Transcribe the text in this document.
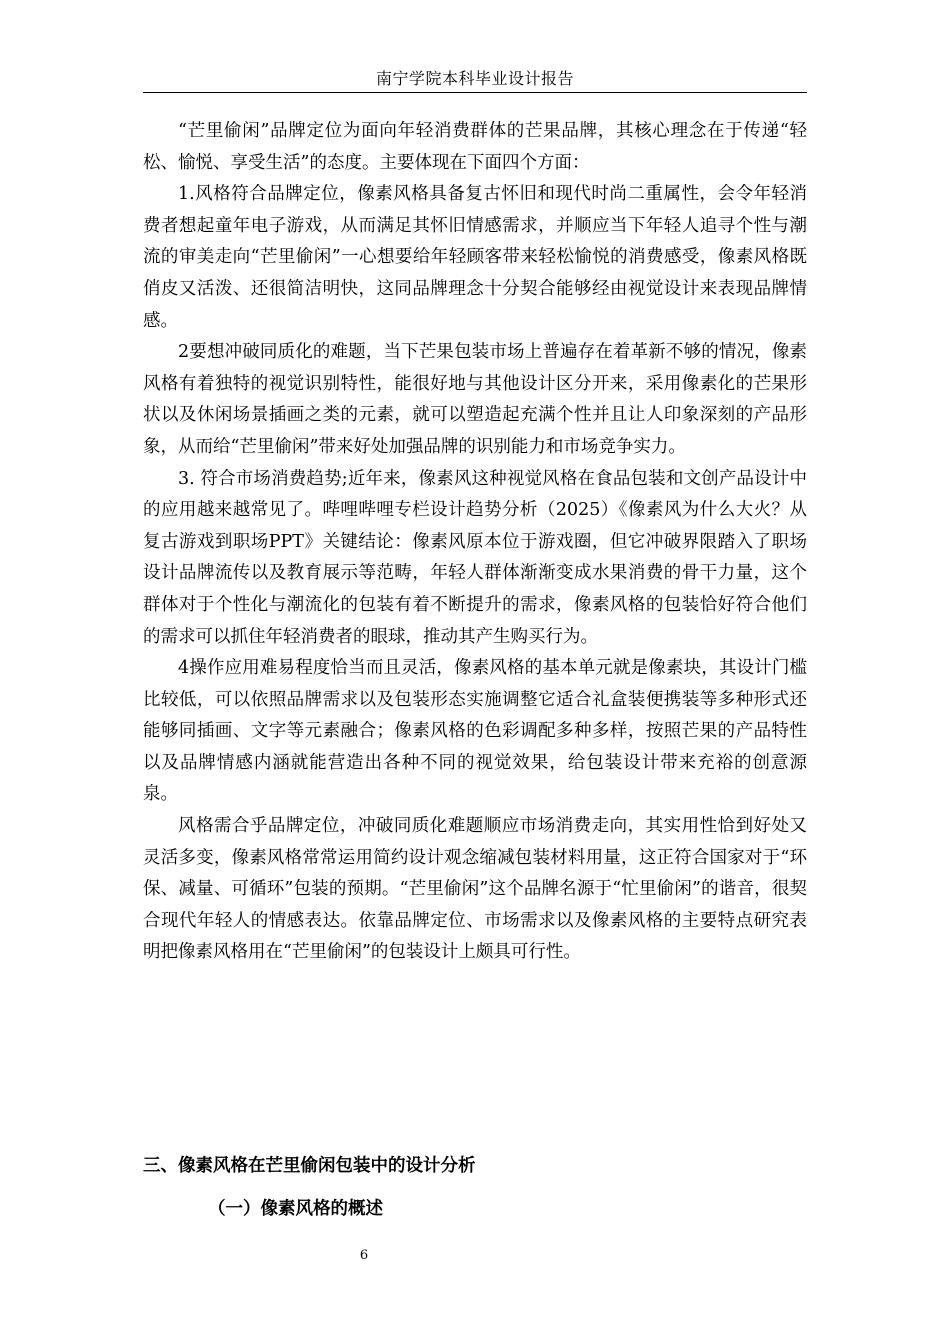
南宁学院本科毕业设计报告

“芒里偷闲”品牌定位为面向年轻消费群体的芒果品牌，其核心理念在于传递“轻松、愉悦、享受生活”的态度。主要体现在下面四个方面：

1.风格符合品牌定位，像素风格具备复古怀旧和现代时尚二重属性，会令年轻消费者想起童年电子游戏，从而满足其怀旧情感需求，并顺应当下年轻人追寻个性与潮流的审美走向“芒里偷闲”一心想要给年轻顾客带来轻松愉悦的消费感受，像素风格既俏皮又活泼、还很简洁明快，这同品牌理念十分契合能够经由视觉设计来表现品牌情感。

2要想冲破同质化的难题，当下芒果包装市场上普遍存在着革新不够的情况，像素风格有着独特的视觉识别特性，能很好地与其他设计区分开来，采用像素化的芒果形状以及休闲场景插画之类的元素，就可以塑造起充满个性并且让人印象深刻的产品形象，从而给“芒里偷闲”带来好处加强品牌的识别能力和市场竞争实力。

3. 符合市场消费趋势;近年来，像素风这种视觉风格在食品包装和文创产品设计中的应用越来越常见了。哔哩哔哩专栏设计趋势分析（2025）《像素风为什么大火？从复古游戏到职场PPT》关键结论：像素风原本位于游戏圈，但它冲破界限踏入了职场设计品牌流传以及教育展示等范畴，年轻人群体渐渐变成水果消费的骨干力量，这个群体对于个性化与潮流化的包装有着不断提升的需求，像素风格的包装恰好符合他们的需求可以抓住年轻消费者的眼球，推动其产生购买行为。

4操作应用难易程度恰当而且灵活，像素风格的基本单元就是像素块，其设计门槛比较低，可以依照品牌需求以及包装形态实施调整它适合礼盒装便携装等多种形式还能够同插画、文字等元素融合；像素风格的色彩调配多种多样，按照芒果的产品特性以及品牌情感内涵就能营造出各种不同的视觉效果，给包装设计带来充裕的创意源泉。

风格需合乎品牌定位，冲破同质化难题顺应市场消费走向，其实用性恰到好处又灵活多变，像素风格常常运用简约设计观念缩减包装材料用量，这正符合国家对于“环保、减量、可循环”包装的预期。“芒里偷闲”这个品牌名源于“忙里偷闲”的谐音，很契合现代年轻人的情感表达。依靠品牌定位、市场需求以及像素风格的主要特点研究表明把像素风格用在“芒里偷闲”的包装设计上颇具可行性。

三、像素风格在芒里偷闲包装中的设计分析
（一）像素风格的概述
6
